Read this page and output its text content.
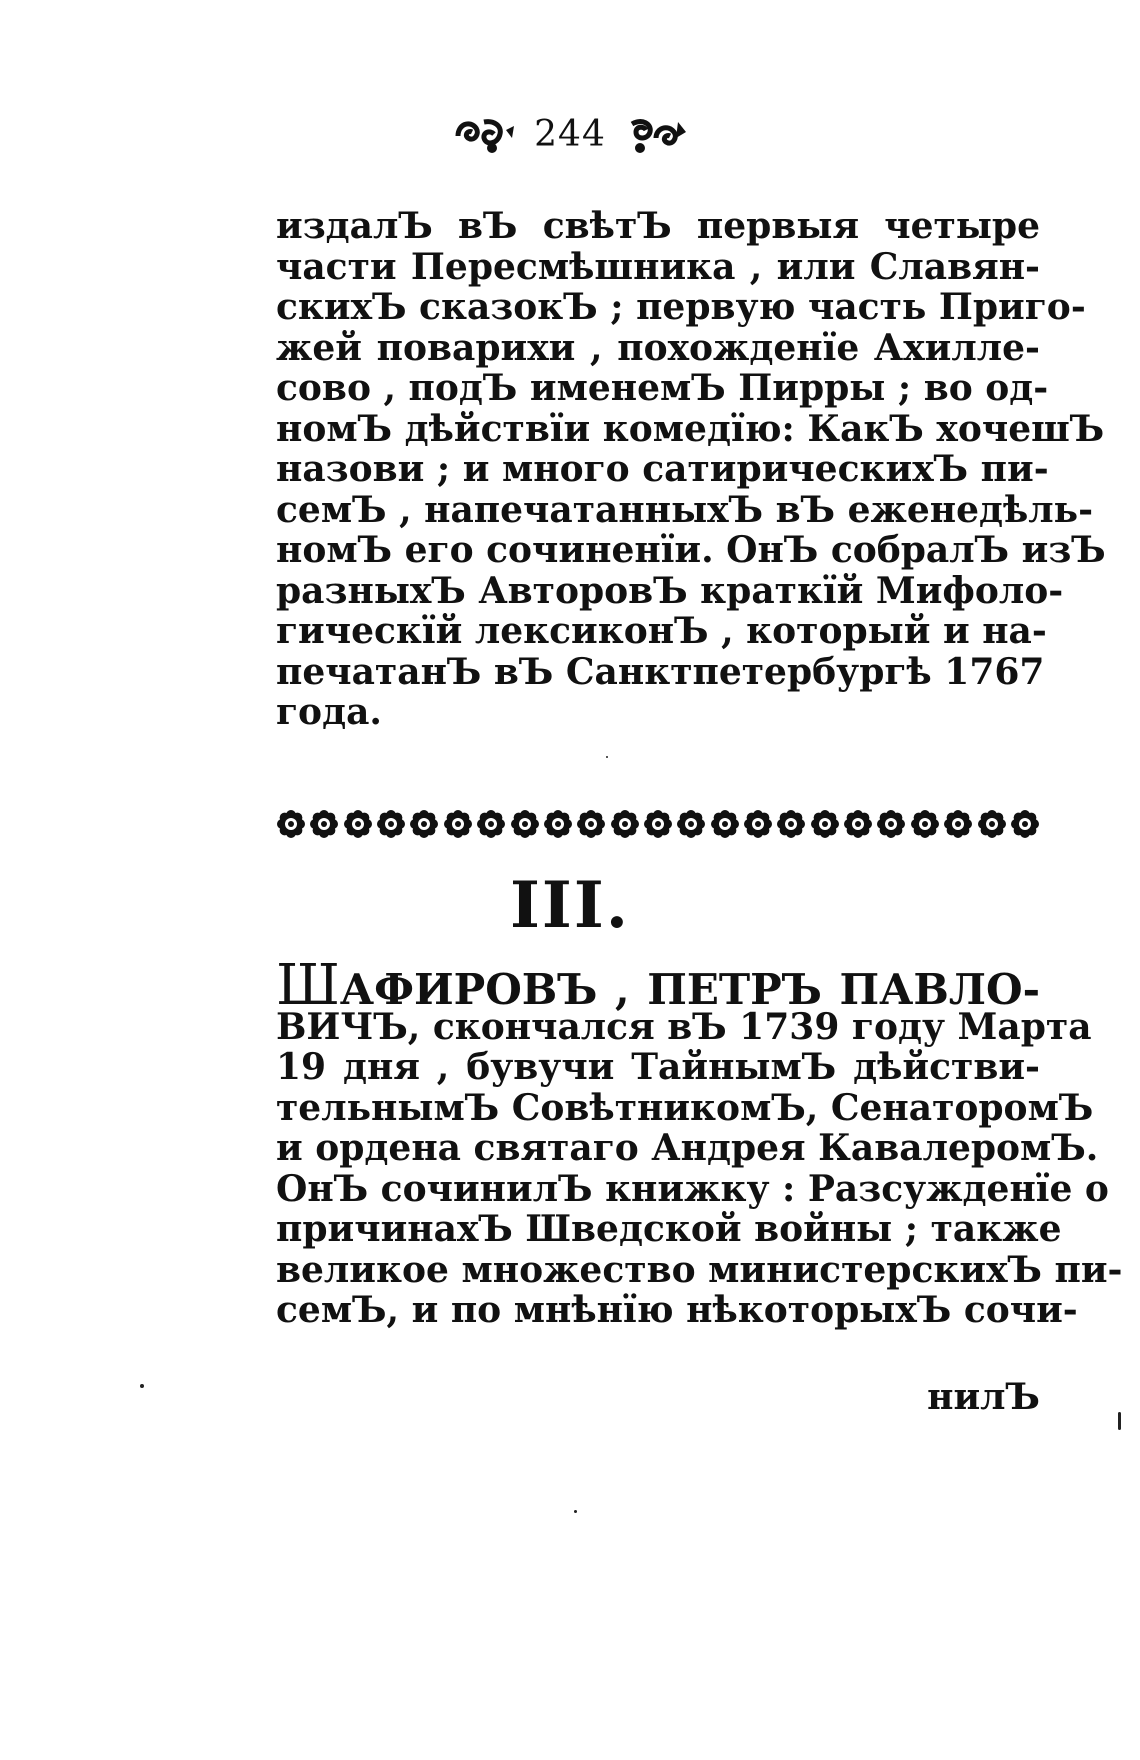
244
издалЪ вЪ свѣтЪ первыя четыре
части Пересмѣшника , или Славян-
скихЪ сказокЪ ; первую часть Приго-
жей поварихи , похожденїе Ахилле-
сово , подЪ именемЪ Пирры ; во од-
номЪ дѣйствїи комедїю: КакЪ хочешЪ
назови ; и много сатирическихЪ пи-
семЪ , напечатанныхЪ вЪ еженедѣль-
номЪ его сочиненїи. ОнЪ собралЪ изЪ
разныхЪ АвторовЪ краткїй Мифоло-
гическїй лексиконЪ , который и на-
печатанЪ вЪ Санктпетербургѣ 1767
года.
III.
ШАФИРОВЪ , ПЕТРЪ ПАВЛО-
ВИЧЪ, скончался вЪ 1739 году Марта
19 дня , бувучи ТайнымЪ дѣйстви-
тельнымЪ СовѣтникомЪ, СенаторомЪ
и ордена святаго Андрея КавалеромЪ.
ОнЪ сочинилЪ книжку : Разсужденїе о
причинахЪ Шведской войны ; также
великое множество министерскихЪ пи-
семЪ, и по мнѣнїю нѣкоторыхЪ сочи-
нилЪ
